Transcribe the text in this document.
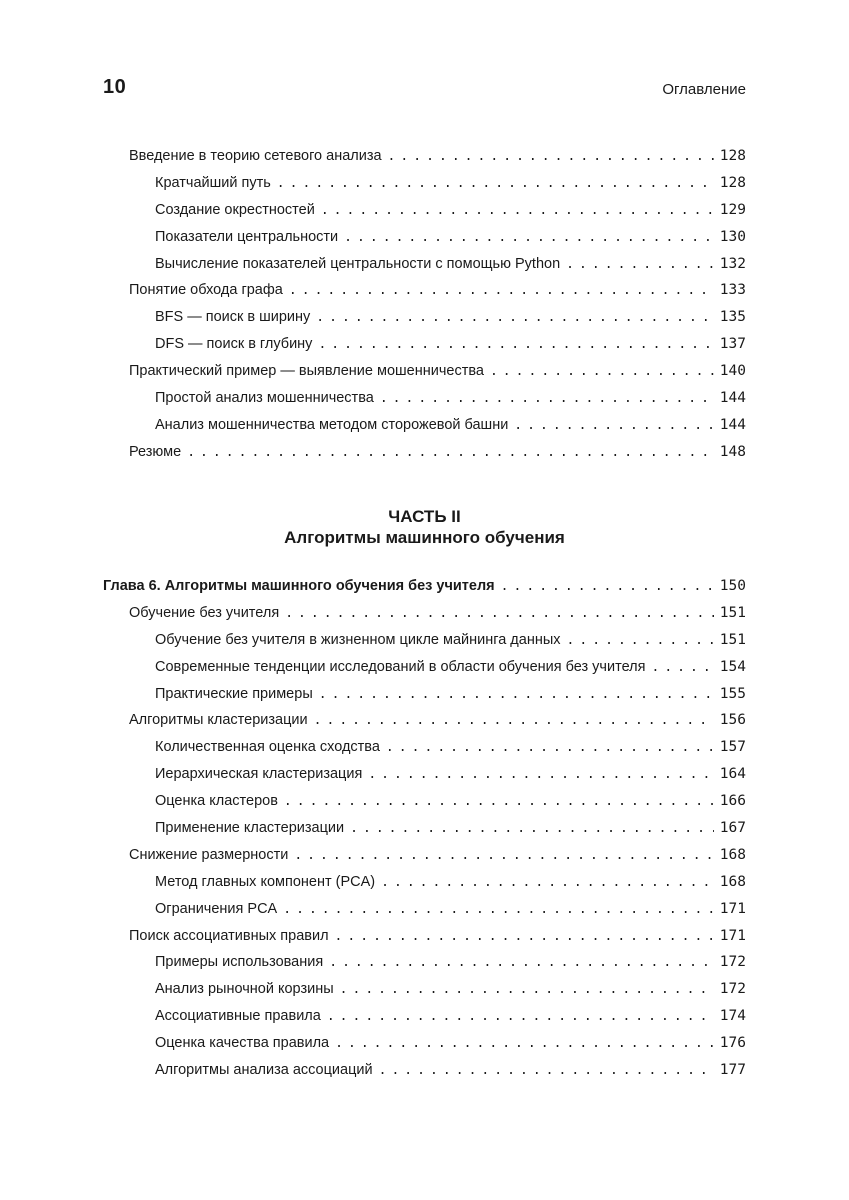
10	Оглавление
Введение в теорию сетевого анализа . . .	128
Кратчайший путь . . .	128
Создание окрестностей . . .	129
Показатели центральности . . .	130
Вычисление показателей центральности с помощью Python . . .	132
Понятие обхода графа . . .	133
BFS — поиск в ширину . . .	135
DFS — поиск в глубину . . .	137
Практический пример — выявление мошенничества . . .	140
Простой анализ мошенничества . . .	144
Анализ мошенничества методом сторожевой башни . . .	144
Резюме . . .	148
ЧАСТЬ II
Алгоритмы машинного обучения
Глава 6. Алгоритмы машинного обучения без учителя . . .	150
Обучение без учителя . . .	151
Обучение без учителя в жизненном цикле майнинга данных . . .	151
Современные тенденции исследований в области обучения без учителя . . .	154
Практические примеры . . .	155
Алгоритмы кластеризации . . .	156
Количественная оценка сходства . . .	157
Иерархическая кластеризация . . .	164
Оценка кластеров . . .	166
Применение кластеризации . . .	167
Снижение размерности . . .	168
Метод главных компонент (PCA) . . .	168
Ограничения PCA . . .	171
Поиск ассоциативных правил . . .	171
Примеры использования . . .	172
Анализ рыночной корзины . . .	172
Ассоциативные правила . . .	174
Оценка качества правила . . .	176
Алгоритмы анализа ассоциаций . . .	177
